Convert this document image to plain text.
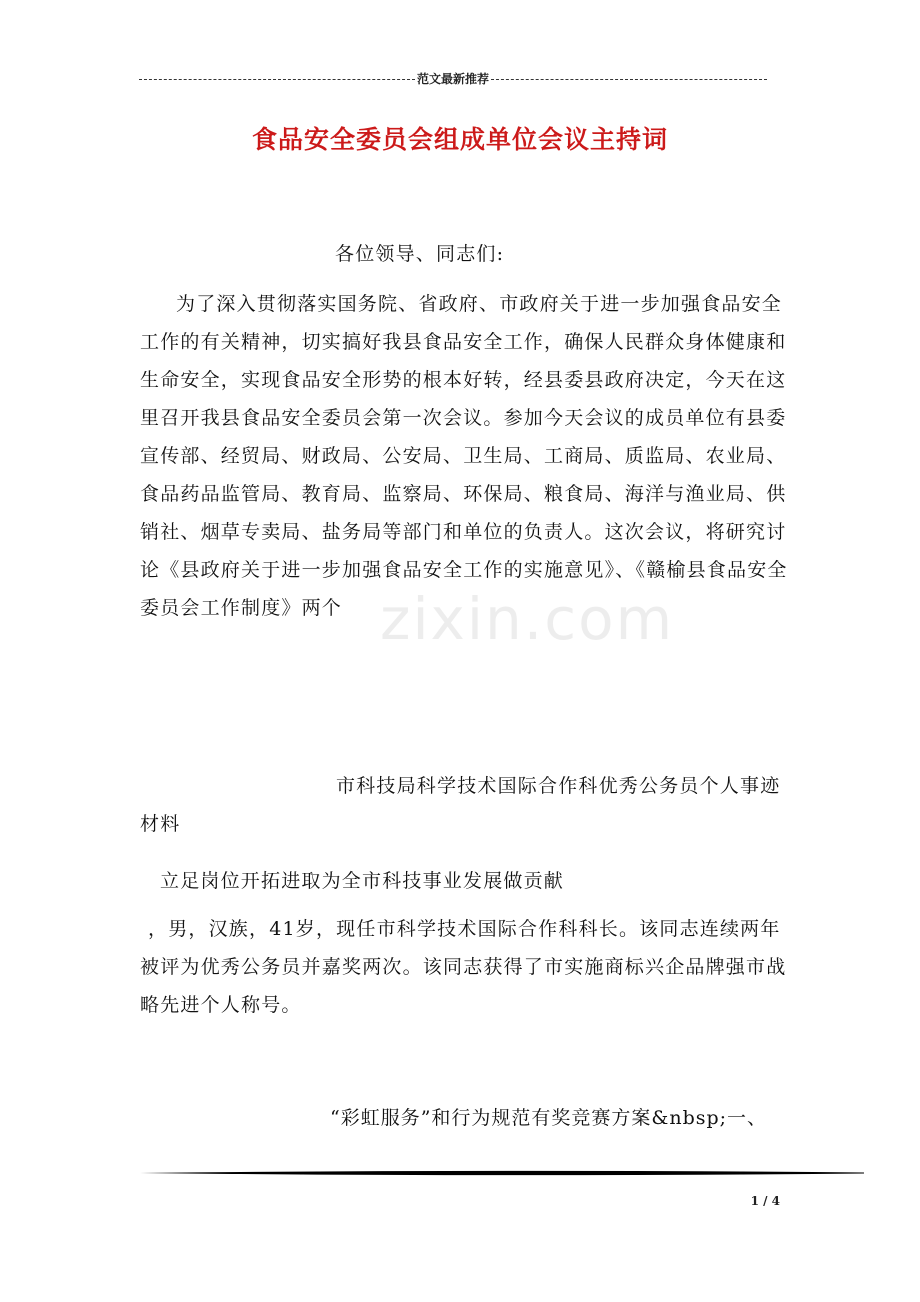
范文最新推荐
zixin.com
食品安全委员会组成单位会议主持词
各位领导、同志们:

为了深入贯彻落实国务院、省政府、市政府关于进一步加强食品安全工作的有关精神，切实搞好我县食品安全工作，确保人民群众身体健康和生命安全，实现食品安全形势的根本好转，经县委县政府决定，今天在这里召开我县食品安全委员会第一次会议。参加今天会议的成员单位有县委宣传部、经贸局、财政局、公安局、卫生局、工商局、质监局、农业局、食品药品监管局、教育局、监察局、环保局、粮食局、海洋与渔业局、供销社、烟草专卖局、盐务局等部门和单位的负责人。这次会议，将研究讨论《县政府关于进一步加强食品安全工作的实施意见》、《赣榆县食品安全委员会工作制度》两个

市科技局科学技术国际合作科优秀公务员个人事迹材料

立足岗位开拓进取为全市科技事业发展做贡献

，男，汉族，41岁，现任市科学技术国际合作科科长。该同志连续两年被评为优秀公务员并嘉奖两次。该同志获得了市实施商标兴企品牌强市战略先进个人称号。

“彩虹服务”和行为规范有奖竞赛方案&nbsp;一、
1 / 4
